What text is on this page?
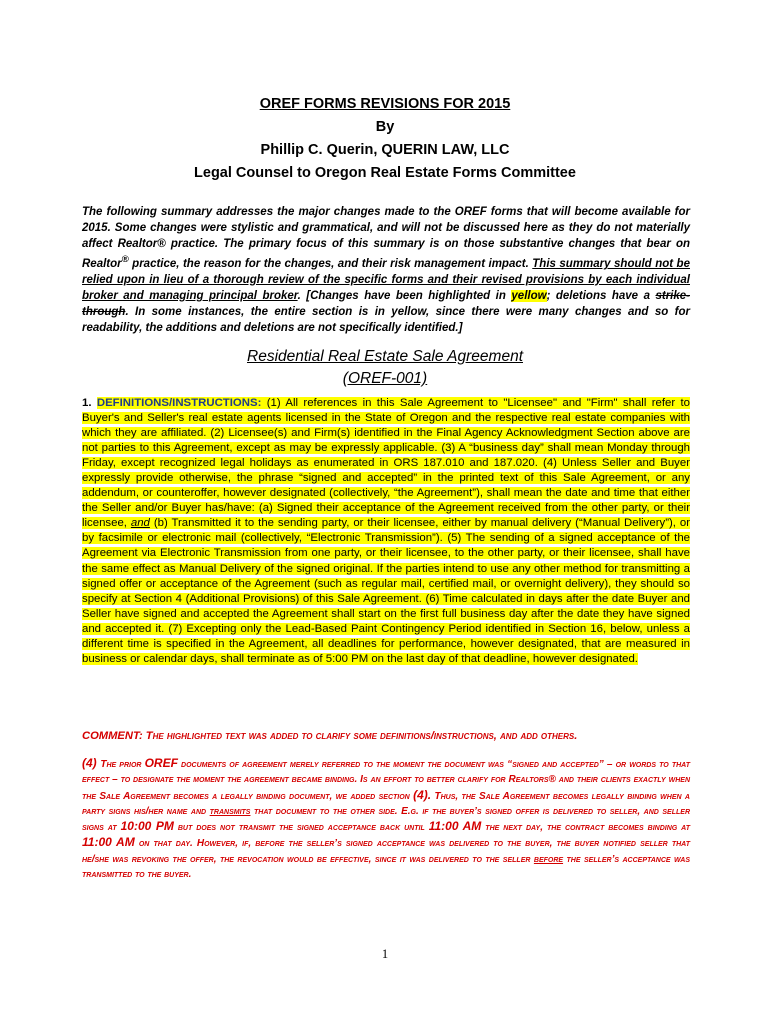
OREF FORMS REVISIONS FOR 2015
By
Phillip C. Querin, QUERIN LAW, LLC
Legal Counsel to Oregon Real Estate Forms Committee
The following summary addresses the major changes made to the OREF forms that will become available for 2015. Some changes were stylistic and grammatical, and will not be discussed here as they do not materially affect Realtor® practice. The primary focus of this summary is on those substantive changes that bear on Realtor® practice, the reason for the changes, and their risk management impact. This summary should not be relied upon in lieu of a thorough review of the specific forms and their revised provisions by each individual broker and managing principal broker. [Changes have been highlighted in yellow; deletions have a strike-through. In some instances, the entire section is in yellow, since there were many changes and so for readability, the additions and deletions are not specifically identified.]
Residential Real Estate Sale Agreement
(OREF-001)
1. DEFINITIONS/INSTRUCTIONS: (1) All references in this Sale Agreement to "Licensee" and "Firm" shall refer to Buyer's and Seller's real estate agents licensed in the State of Oregon and the respective real estate companies with which they are affiliated. (2) Licensee(s) and Firm(s) identified in the Final Agency Acknowledgment Section above are not parties to this Agreement, except as may be expressly applicable. (3) A “business day” shall mean Monday through Friday, except recognized legal holidays as enumerated in ORS 187.010 and 187.020. (4) Unless Seller and Buyer expressly provide otherwise, the phrase “signed and accepted” in the printed text of this Sale Agreement, or any addendum, or counteroffer, however designated (collectively, “the Agreement”), shall mean the date and time that either the Seller and/or Buyer has/have: (a) Signed their acceptance of the Agreement received from the other party, or their licensee, and (b) Transmitted it to the sending party, or their licensee, either by manual delivery (“Manual Delivery”), or by facsimile or electronic mail (collectively, “Electronic Transmission”). (5) The sending of a signed acceptance of the Agreement via Electronic Transmission from one party, or their licensee, to the other party, or their licensee, shall have the same effect as Manual Delivery of the signed original. If the parties intend to use any other method for transmitting a signed offer or acceptance of the Agreement (such as regular mail, certified mail, or overnight delivery), they should so specify at Section 4 (Additional Provisions) of this Sale Agreement. (6) Time calculated in days after the date Buyer and Seller have signed and accepted the Agreement shall start on the first full business day after the date they have signed and accepted it. (7) Excepting only the Lead-Based Paint Contingency Period identified in Section 16, below, unless a different time is specified in the Agreement, all deadlines for performance, however designated, that are measured in business or calendar days, shall terminate as of 5:00 PM on the last day of that deadline, however designated.
COMMENT: The highlighted text was added to clarify some definitions/instructions, and add others.
(4) The prior OREF documents of agreement merely referred to the moment the document was “signed and accepted” – or words to that effect – to designate the moment the agreement became binding. Is an effort to better clarify for Realtors® and their clients exactly when the Sale Agreement becomes a legally binding document, we added section (4). Thus, the Sale Agreement becomes legally binding when a party signs his/her name and transmits that document to the other side. E.g. if the buyer’s signed offer is delivered to seller, and seller signs at 10:00 PM but does not transmit the signed acceptance back until 11:00 AM the next day, the contract becomes binding at 11:00 AM on that day. However, if, before the seller’s signed acceptance was delivered to the buyer, the buyer notified seller that he/she was revoking the offer, the revocation would be effective, since it was delivered to the seller before the seller’s acceptance was transmitted to the buyer.
1
